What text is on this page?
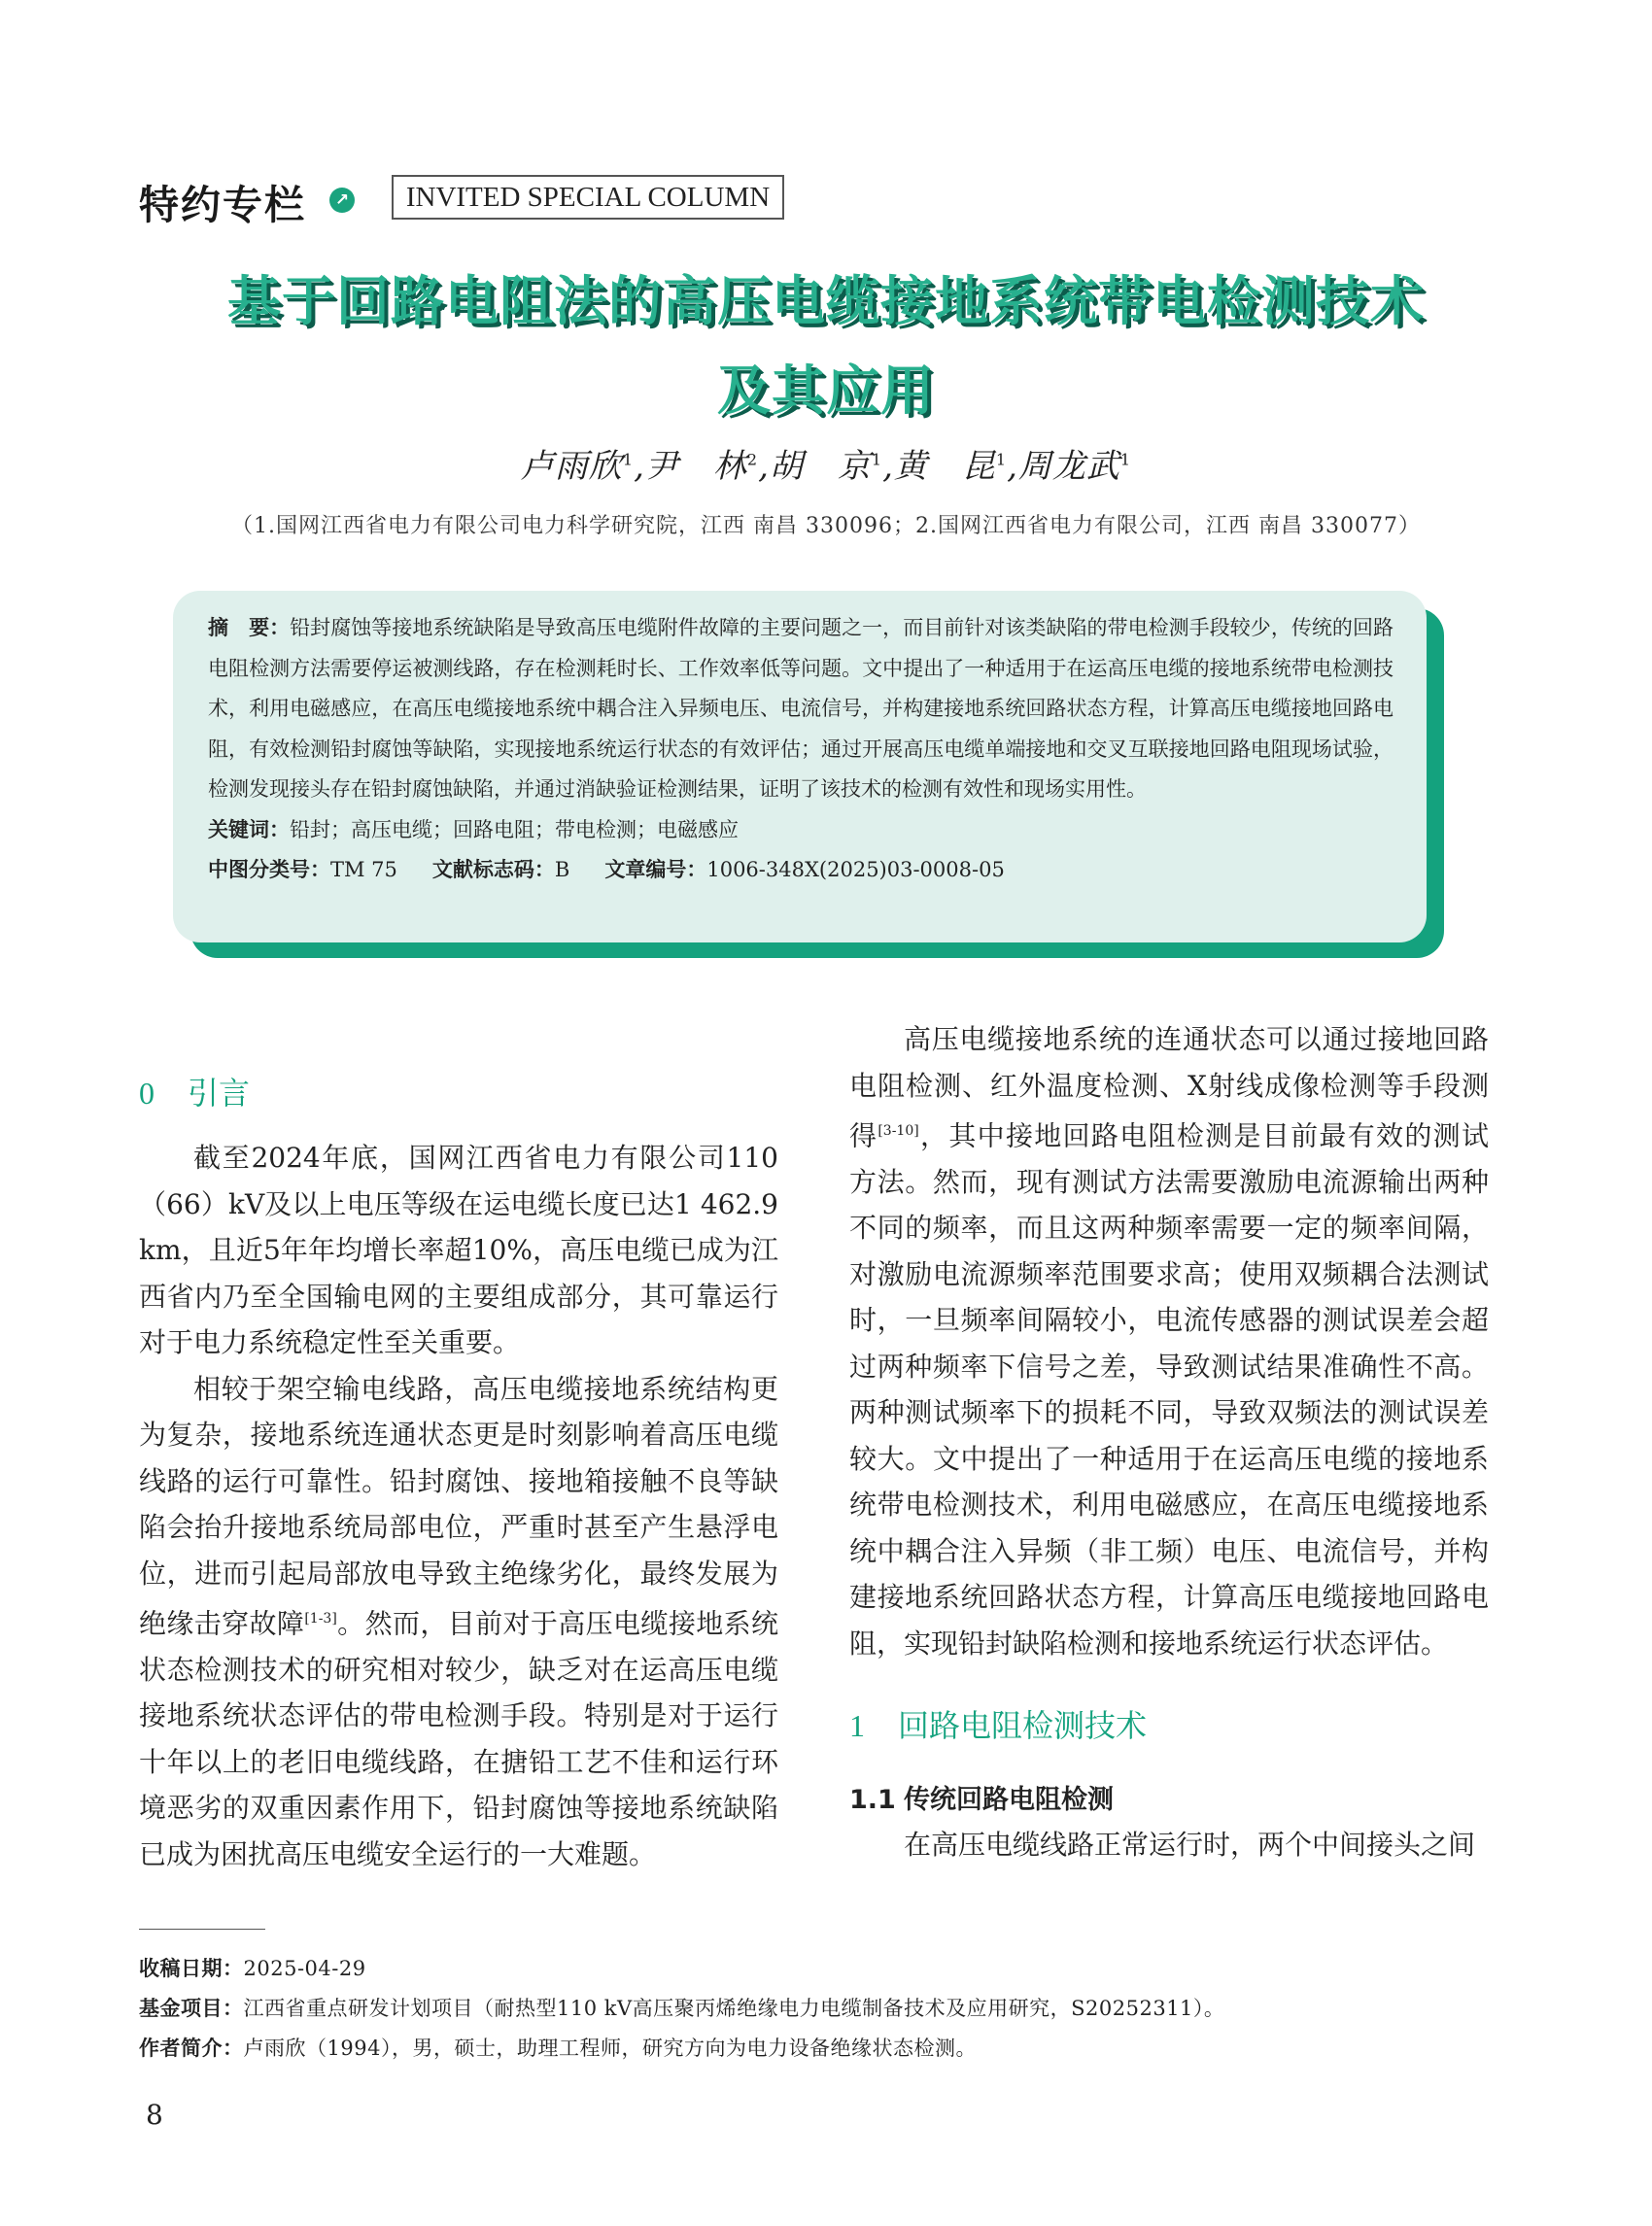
特约专栏	↗	INVITED SPECIAL COLUMN
基于回路电阻法的高压电缆接地系统带电检测技术
及其应用
卢雨欣$^1$,尹　林$^2$,胡　京$^1$,黄　昆$^1$,周龙武$^1$
（1.国网江西省电力有限公司电力科学研究院，江西 南昌 330096；2.国网江西省电力有限公司，江西 南昌 330077）

摘　要：铅封腐蚀等接地系统缺陷是导致高压电缆附件故障的主要问题之一，而目前针对该类缺陷的带电检测手段较少，传统的回路电阻检测方法需要停运被测线路，存在检测耗时长、工作效率低等问题。文中提出了一种适用于在运高压电缆的接地系统带电检测技术，利用电磁感应，在高压电缆接地系统中耦合注入异频电压、电流信号，并构建接地系统回路状态方程，计算高压电缆接地回路电阻，有效检测铅封腐蚀等缺陷，实现接地系统运行状态的有效评估；通过开展高压电缆单端接地和交叉互联接地回路电阻现场试验，检测发现接头存在铅封腐蚀缺陷，并通过消缺验证检测结果，证明了该技术的检测有效性和现场实用性。

关键词：铅封；高压电缆；回路电阻；带电检测；电磁感应

中图分类号：TM 75 文献标志码：B 文章编号：1006-348X(2025)03-0008-05

0 引言

截至2024年底，国网江西省电力有限公司110（66）kV及以上电压等级在运电缆长度已达1 462.9 km，且近5年年均增长率超10%，高压电缆已成为江西省内乃至全国输电网的主要组成部分，其可靠运行对于电力系统稳定性至关重要。

相较于架空输电线路，高压电缆接地系统结构更为复杂，接地系统连通状态更是时刻影响着高压电缆线路的运行可靠性。铅封腐蚀、接地箱接触不良等缺陷会抬升接地系统局部电位，严重时甚至产生悬浮电位，进而引起局部放电导致主绝缘劣化，最终发展为绝缘击穿故障[1-3]。然而，目前对于高压电缆接地系统状态检测技术的研究相对较少，缺乏对在运高压电缆接地系统状态评估的带电检测手段。特别是对于运行十年以上的老旧电缆线路，在搪铅工艺不佳和运行环境恶劣的双重因素作用下，铅封腐蚀等接地系统缺陷已成为困扰高压电缆安全运行的一大难题。

高压电缆接地系统的连通状态可以通过接地回路电阻检测、红外温度检测、X射线成像检测等手段测得[3-10]，其中接地回路电阻检测是目前最有效的测试方法。然而，现有测试方法需要激励电流源输出两种不同的频率，而且这两种频率需要一定的频率间隔，对激励电流源频率范围要求高；使用双频耦合法测试时，一旦频率间隔较小，电流传感器的测试误差会超过两种频率下信号之差，导致测试结果准确性不高。两种测试频率下的损耗不同，导致双频法的测试误差较大。文中提出了一种适用于在运高压电缆的接地系统带电检测技术，利用电磁感应，在高压电缆接地系统中耦合注入异频（非工频）电压、电流信号，并构建接地系统回路状态方程，计算高压电缆接地回路电阻，实现铅封缺陷检测和接地系统运行状态评估。

1 回路电阻检测技术
1.1 传统回路电阻检测

在高压电缆线路正常运行时，两个中间接头之间

收稿日期：2025-04-29
基金项目：江西省重点研发计划项目（耐热型110 kV高压聚丙烯绝缘电力电缆制备技术及应用研究，S20252311）。
作者简介：卢雨欣（1994），男，硕士，助理工程师，研究方向为电力设备绝缘状态检测。
8
